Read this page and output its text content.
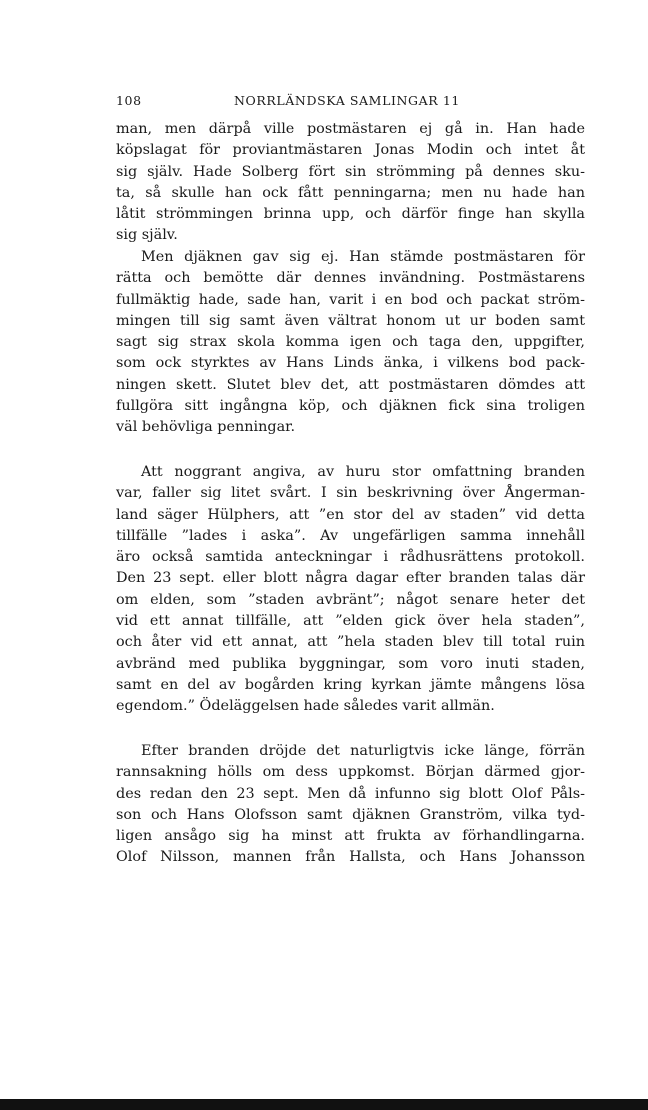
108	NORRLÄNDSKA SAMLINGAR 11
man, men därpå ville postmästaren ej gå in. Han hade
köpslagat för proviantmästaren Jonas Modin och intet åt
sig själv. Hade Solberg fört sin strömming på dennes sku-
ta, så skulle han ock fått penningarna; men nu hade han
låtit strömmingen brinna upp, och därför finge han skylla
sig själv.
Men djäknen gav sig ej. Han stämde postmästaren för
rätta och bemötte där dennes invändning. Postmästarens
fullmäktig hade, sade han, varit i en bod och packat ström-
mingen till sig samt även vältrat honom ut ur boden samt
sagt sig strax skola komma igen och taga den, uppgifter,
som ock styrktes av Hans Linds änka, i vilkens bod pack-
ningen skett. Slutet blev det, att postmästaren dömdes att
fullgöra sitt ingångna köp, och djäknen fick sina troligen
väl behövliga penningar.
Att noggrant angiva, av huru stor omfattning branden
var, faller sig litet svårt. I sin beskrivning över Ångerman-
land säger Hülphers, att ”en stor del av staden” vid detta
tillfälle ”lades i aska”. Av ungefärligen samma innehåll
äro också samtida anteckningar i rådhusrättens protokoll.
Den 23 sept. eller blott några dagar efter branden talas där
om elden, som ”staden avbränt”; något senare heter det
vid ett annat tillfälle, att ”elden gick över hela staden”,
och åter vid ett annat, att ”hela staden blev till total ruin
avbränd med publika byggningar, som voro inuti staden,
samt en del av bogården kring kyrkan jämte mångens lösa
egendom.” Ödeläggelsen hade således varit allmän.
Efter branden dröjde det naturligtvis icke länge, förrän
rannsakning hölls om dess uppkomst. Början därmed gjor-
des redan den 23 sept. Men då infunno sig blott Olof Påls-
son och Hans Olofsson samt djäknen Granström, vilka tyd-
ligen ansågo sig ha minst att frukta av förhandlingarna.
Olof Nilsson, mannen från Hallsta, och Hans Johansson
